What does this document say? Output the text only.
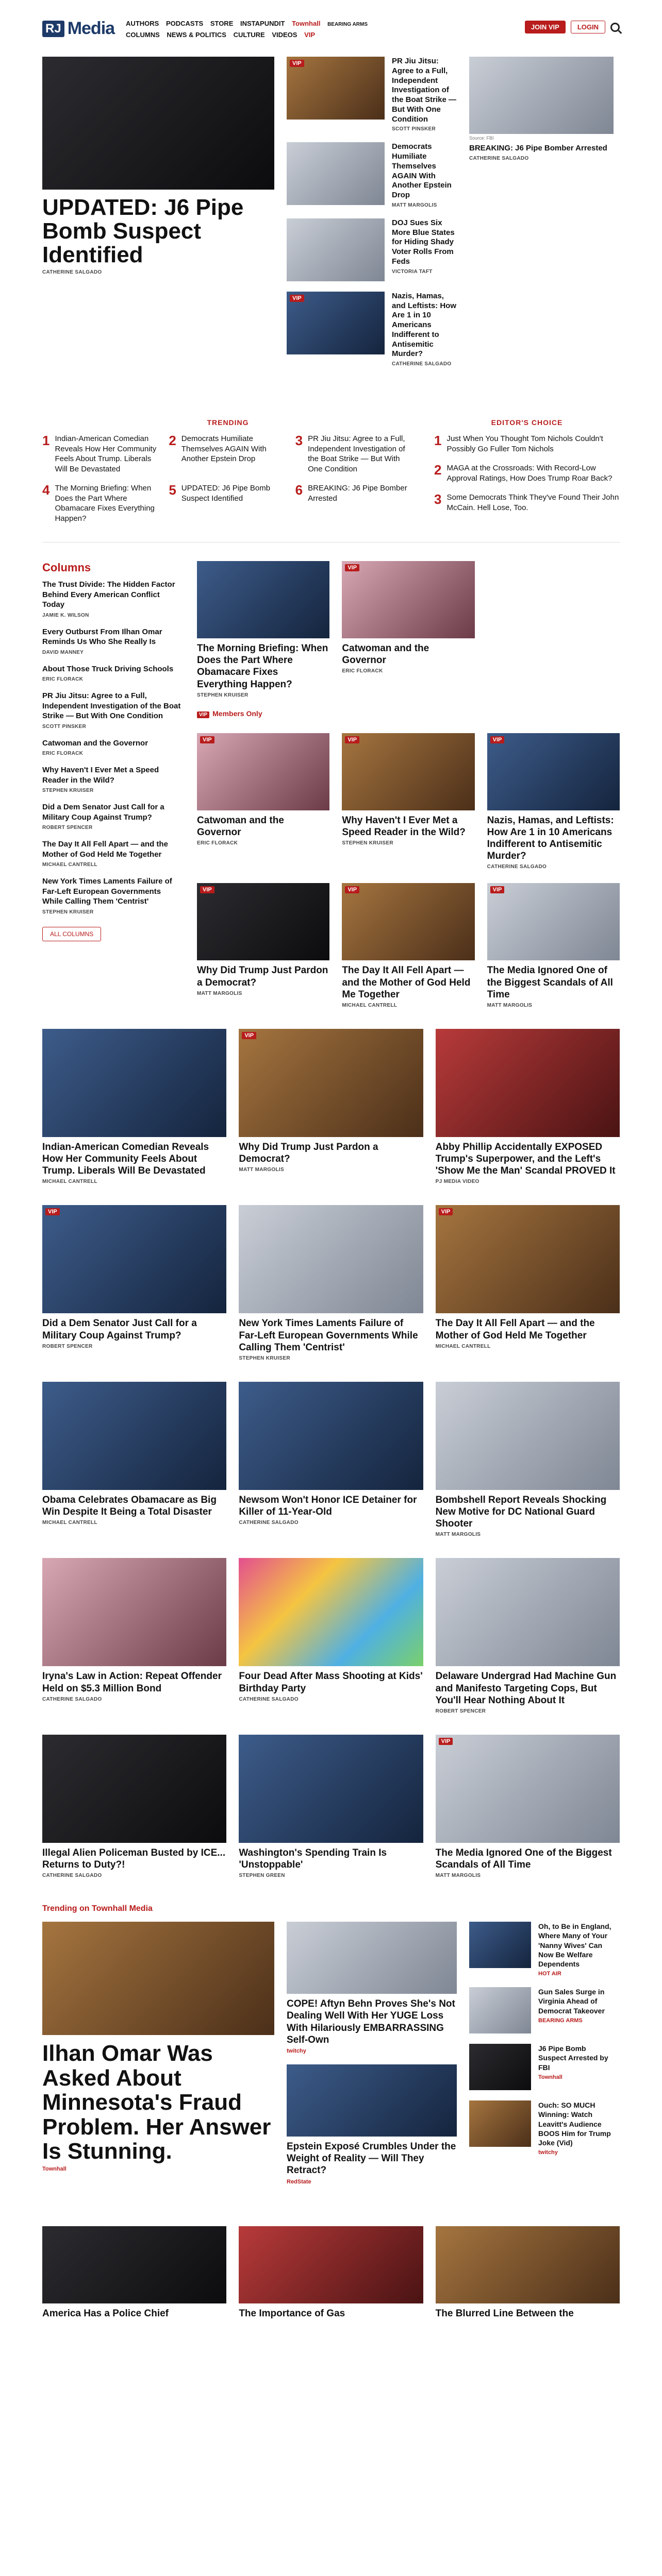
RJ Media AUTHORS PODCASTS STORE INSTAPUNDIT Townhall BEARING ARMS
COLUMNS NEWS & POLITICS CULTURE VIDEOS VIP
JOIN VIP	LOGIN
UPDATED: J6 Pipe Bomb Suspect Identified
CATHERINE SALGADO
VIP	PR Jiu Jitsu: Agree to a Full, Independent Investigation of the Boat Strike — But With One Condition
SCOTT PINSKER
Democrats Humiliate Themselves AGAIN With Another Epstein Drop
MATT MARGOLIS
DOJ Sues Six More Blue States for Hiding Shady Voter Rolls From Feds
VICTORIA TAFT
VIP	Nazis, Hamas, and Leftists: How Are 1 in 10 Americans Indifferent to Antisemitic Murder?
CATHERINE SALGADO
Source: FBI
BREAKING: J6 Pipe Bomber Arrested
CATHERINE SALGADO
TRENDING
1 Indian-American Comedian Reveals How Her Community Feels About Trump. Liberals Will Be Devastated
2 Democrats Humiliate Themselves AGAIN With Another Epstein Drop
3 PR Jiu Jitsu: Agree to a Full, Independent Investigation of the Boat Strike — But With One Condition
4 The Morning Briefing: When Does the Part Where Obamacare Fixes Everything Happen?
5 UPDATED: J6 Pipe Bomb Suspect Identified
6 BREAKING: J6 Pipe Bomber Arrested
EDITOR'S CHOICE
1 Just When You Thought Tom Nichols Couldn't Possibly Go Fuller Tom Nichols
2 MAGA at the Crossroads: With Record-Low Approval Ratings, How Does Trump Roar Back?
3 Some Democrats Think They've Found Their John McCain. Hell Lose, Too.
Columns
The Trust Divide: The Hidden Factor Behind Every American Conflict Today
JAMIE K. WILSON
Every Outburst From Ilhan Omar Reminds Us Who She Really Is
DAVID MANNEY
About Those Truck Driving Schools
ERIC FLORACK
PR Jiu Jitsu: Agree to a Full, Independent Investigation of the Boat Strike — But With One Condition
SCOTT PINSKER
Catwoman and the Governor
ERIC FLORACK
Why Haven't I Ever Met a Speed Reader in the Wild?
STEPHEN KRUISER
Did a Dem Senator Just Call for a Military Coup Against Trump?
ROBERT SPENCER
The Day It All Fell Apart — and the Mother of God Held Me Together
MICHAEL CANTRELL
New York Times Laments Failure of Far-Left European Governments While Calling Them 'Centrist'
STEPHEN KRUISER
ALL COLUMNS
The Morning Briefing: When Does the Part Where Obamacare Fixes Everything Happen?
STEPHEN KRUISER
VIP
Catwoman and the Governor
ERIC FLORACK
VIP Members Only
VIP
Catwoman and the Governor
ERIC FLORACK
VIP
Why Haven't I Ever Met a Speed Reader in the Wild?
STEPHEN KRUISER
VIP
Nazis, Hamas, and Leftists: How Are 1 in 10 Americans Indifferent to Antisemitic Murder?
CATHERINE SALGADO
VIP
Why Did Trump Just Pardon a Democrat?
MATT MARGOLIS
VIP
The Day It All Fell Apart — and the Mother of God Held Me Together
MICHAEL CANTRELL
VIP
The Media Ignored One of the Biggest Scandals of All Time
MATT MARGOLIS
Indian-American Comedian Reveals How Her Community Feels About Trump. Liberals Will Be Devastated
MICHAEL CANTRELL
VIP
Why Did Trump Just Pardon a Democrat?
MATT MARGOLIS
Abby Phillip Accidentally EXPOSED Trump's Superpower, and the Left's 'Show Me the Man' Scandal PROVED It
PJ MEDIA VIDEO
VIP
Did a Dem Senator Just Call for a Military Coup Against Trump?
ROBERT SPENCER
New York Times Laments Failure of Far-Left European Governments While Calling Them 'Centrist'
STEPHEN KRUISER
VIP
The Day It All Fell Apart — and the Mother of God Held Me Together
MICHAEL CANTRELL
Obama Celebrates Obamacare as Big Win Despite It Being a Total Disaster
MICHAEL CANTRELL
Newsom Won't Honor ICE Detainer for Killer of 11-Year-Old
CATHERINE SALGADO
Bombshell Report Reveals Shocking New Motive for DC National Guard Shooter
MATT MARGOLIS
Iryna's Law in Action: Repeat Offender Held on $5.3 Million Bond
CATHERINE SALGADO
Four Dead After Mass Shooting at Kids' Birthday Party
CATHERINE SALGADO
Delaware Undergrad Had Machine Gun and Manifesto Targeting Cops, But You'll Hear Nothing About It
ROBERT SPENCER
Illegal Alien Policeman Busted by ICE... Returns to Duty?!
CATHERINE SALGADO
Washington's Spending Train Is 'Unstoppable'
STEPHEN GREEN
VIP
The Media Ignored One of the Biggest Scandals of All Time
MATT MARGOLIS
Trending on Townhall Media
Ilhan Omar Was Asked About Minnesota's Fraud Problem. Her Answer Is Stunning.
Townhall
COPE! Aftyn Behn Proves She's Not Dealing Well With Her YUGE Loss With Hilariously EMBARRASSING Self-Own
twitchy
Epstein Exposé Crumbles Under the Weight of Reality — Will They Retract?
RedState
Oh, to Be in England, Where Many of Your 'Nanny Wives' Can Now Be Welfare Dependents
HOT AIR
Gun Sales Surge in Virginia Ahead of Democrat Takeover
BEARING ARMS
J6 Pipe Bomb Suspect Arrested by FBI
Townhall
Ouch: SO MUCH Winning: Watch Leavitt's Audience BOOS Him for Trump Joke (Vid)
twitchy
America Has a Police Chief	The Importance of Gas	The Blurred Line Between the
